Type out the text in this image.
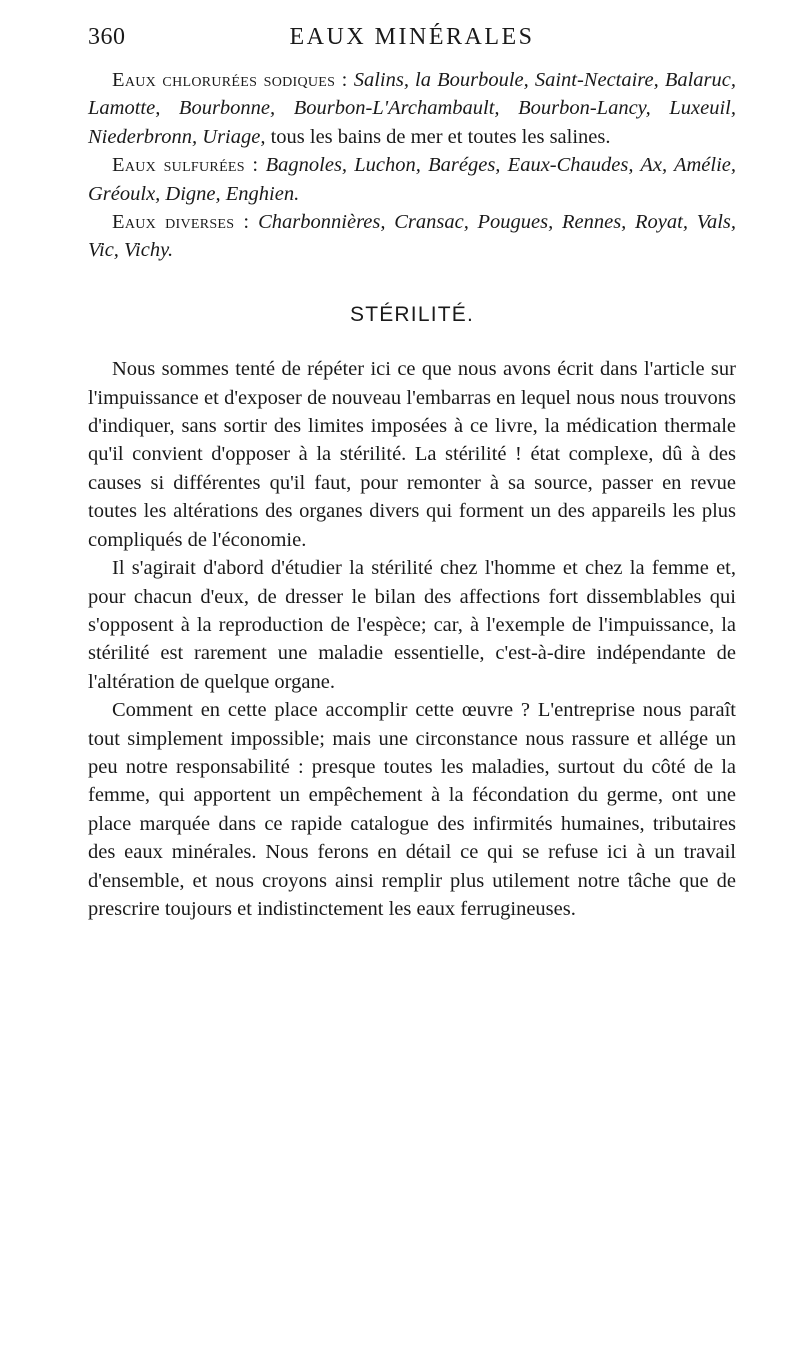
360	EAUX MINÉRALES

Eaux chlorurées sodiques : Salins, la Bourboule, Saint-Nectaire, Balaruc, Lamotte, Bourbonne, Bourbon-L'Archambault, Bourbon-Lancy, Luxeuil, Niederbronn, Uriage, tous les bains de mer et toutes les salines.

Eaux sulfurées : Bagnoles, Luchon, Baréges, Eaux-Chaudes, Ax, Amélie, Gréoulx, Digne, Enghien.

Eaux diverses : Charbonnières, Cransac, Pougues, Rennes, Royat, Vals, Vic, Vichy.

STÉRILITÉ.

Nous sommes tenté de répéter ici ce que nous avons écrit dans l'article sur l'impuissance et d'exposer de nouveau l'embarras en lequel nous nous trouvons d'indiquer, sans sortir des limites imposées à ce livre, la médication thermale qu'il convient d'opposer à la stérilité. La stérilité ! état complexe, dû à des causes si différentes qu'il faut, pour remonter à sa source, passer en revue toutes les altérations des organes divers qui forment un des appareils les plus compliqués de l'économie.

Il s'agirait d'abord d'étudier la stérilité chez l'homme et chez la femme et, pour chacun d'eux, de dresser le bilan des affections fort dissemblables qui s'opposent à la reproduction de l'espèce; car, à l'exemple de l'impuissance, la stérilité est rarement une maladie essentielle, c'est-à-dire indépendante de l'altération de quelque organe.

Comment en cette place accomplir cette œuvre ? L'entreprise nous paraît tout simplement impossible; mais une circonstance nous rassure et allége un peu notre responsabilité : presque toutes les maladies, surtout du côté de la femme, qui apportent un empêchement à la fécondation du germe, ont une place marquée dans ce rapide catalogue des infirmités humaines, tributaires des eaux minérales. Nous ferons en détail ce qui se refuse ici à un travail d'ensemble, et nous croyons ainsi remplir plus utilement notre tâche que de prescrire toujours et indistinctement les eaux ferrugineuses.
